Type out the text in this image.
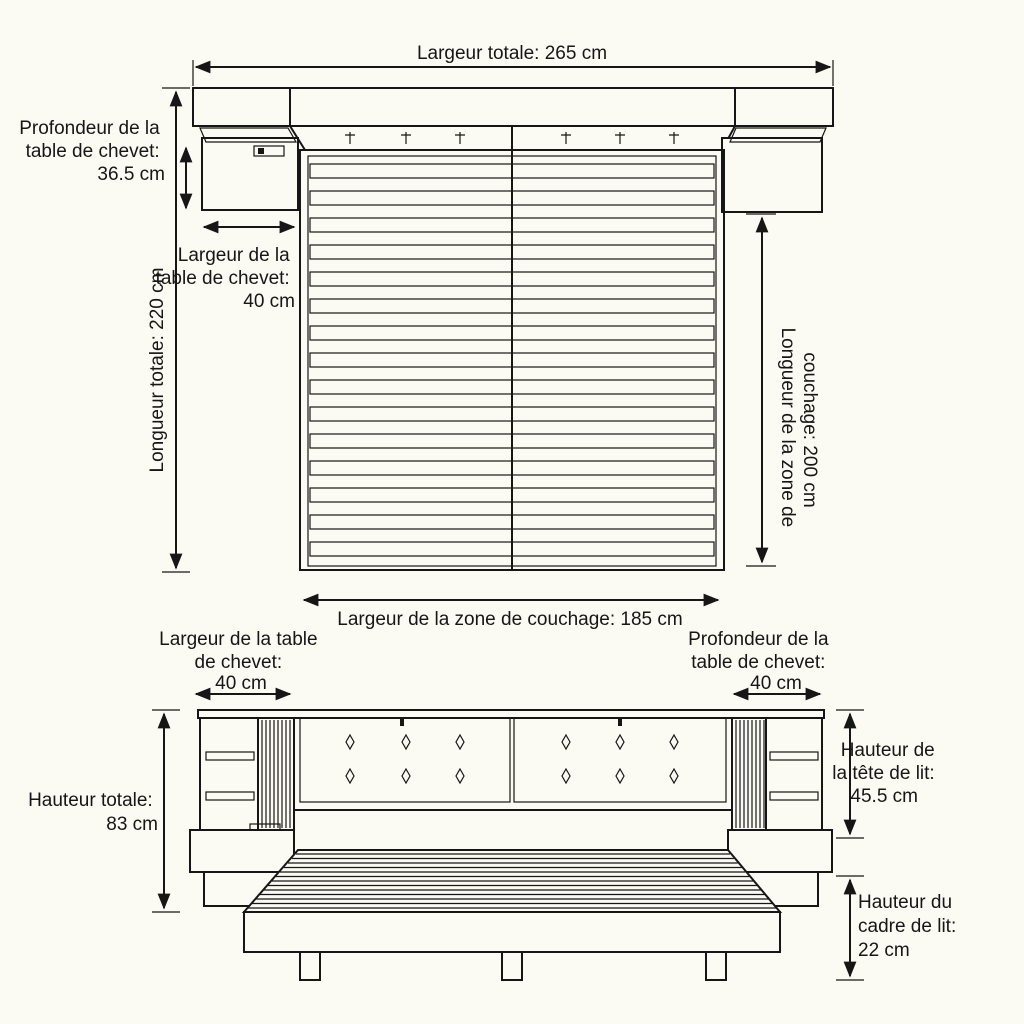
Largeur totale: 265 cm
Profondeur de la table de chevet: 36.5 cm
Largeur de la table de chevet: 40 cm
Longueur totale: 220 cm	Longueur de la zone de couchage: 200 cm
Largeur de la zone de couchage: 185 cm
Largeur de la table de chevet: 40 cm
Profondeur de la table de chevet: 40 cm
Hauteur totale: 83 cm
Hauteur de la tête de lit: 45.5 cm
Hauteur du cadre de lit: 22 cm
